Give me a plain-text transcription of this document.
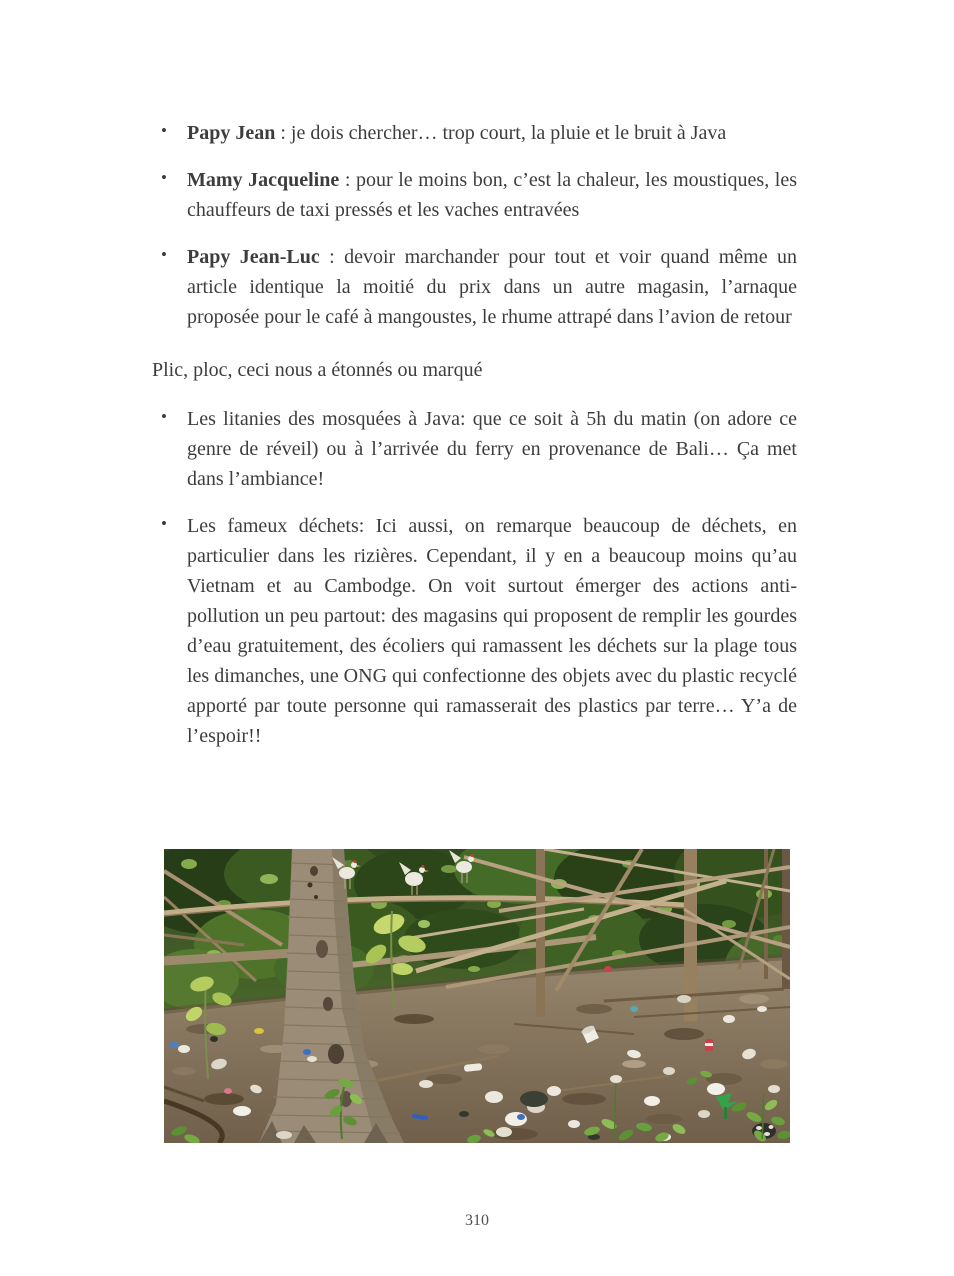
• Papy Jean : je dois chercher… trop court, la pluie et le bruit à Java
• Mamy Jacqueline : pour le moins bon, c’est la chaleur, les moustiques, les chauffeurs de taxi pressés et les vaches entravées
• Papy Jean-Luc : devoir marchander pour tout et voir quand même un article identique la moitié du prix dans un autre magasin, l’arnaque proposée pour le café à mangoustes, le rhume attrapé dans l’avion de retour
Plic, ploc, ceci nous a étonnés ou marqué
• Les litanies des mosquées à Java: que ce soit à 5h du matin (on adore ce genre de réveil) ou à l’arrivée du ferry en provenance de Bali… Ça met dans l’ambiance!
• Les fameux déchets: Ici aussi, on remarque beaucoup de déchets, en particulier dans les rizières. Cependant, il y en a beaucoup moins qu’au Vietnam et au Cambodge. On voit surtout émerger des actions anti-pollution un peu partout: des magasins qui proposent de remplir les gourdes d’eau gratuitement, des écoliers qui ramassent les déchets sur la plage tous les dimanches, une ONG qui confectionne des objets avec du plastic recyclé apporté par toute personne qui ramasserait des plastics par terre… Y’a de l’espoir!!
310
